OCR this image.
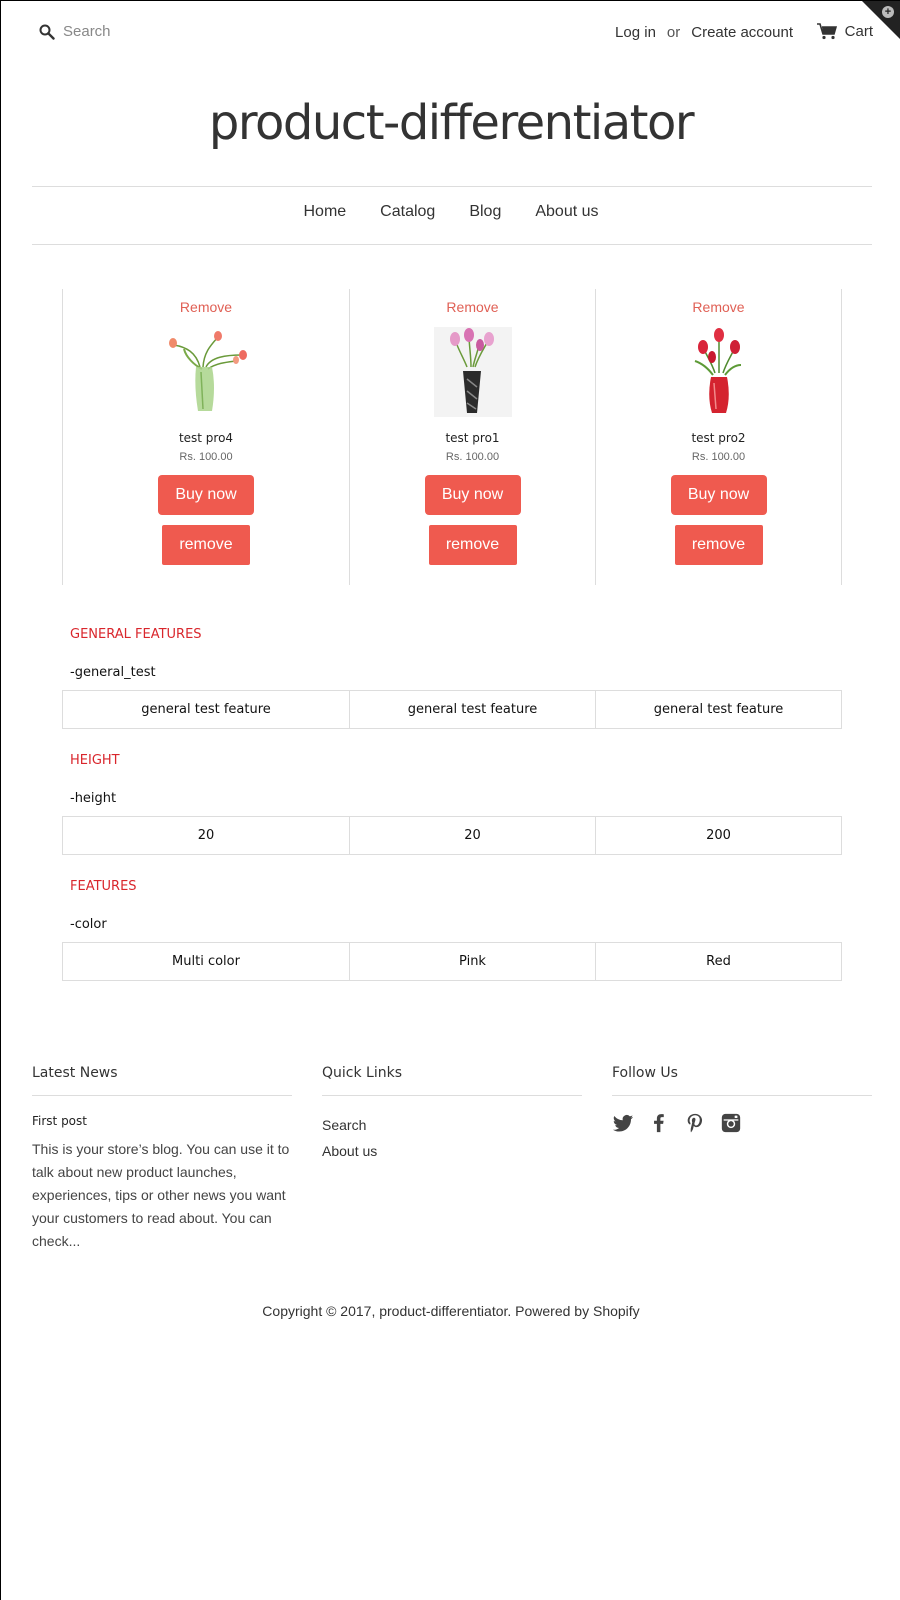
+
Search
Log in or Create account	Cart
product-differentiator
Home Catalog Blog About us
Remove
test pro4
Rs. 100.00
Buy now
remove
Remove
test pro1
Rs. 100.00
Buy now
remove
Remove
test pro2
Rs. 100.00
Buy now
remove
GENERAL FEATURES
-general_test
general test feature	general test feature	general test feature
HEIGHT
-height
20	20	200
FEATURES
-color
Multi color	Pink	Red
Latest News
First post
This is your store’s blog. You can use it to talk about new product launches, experiences, tips or other news you want your customers to read about. You can check...
Quick Links
Search
About us
Follow Us
Copyright © 2017, product-differentiator. Powered by Shopify
